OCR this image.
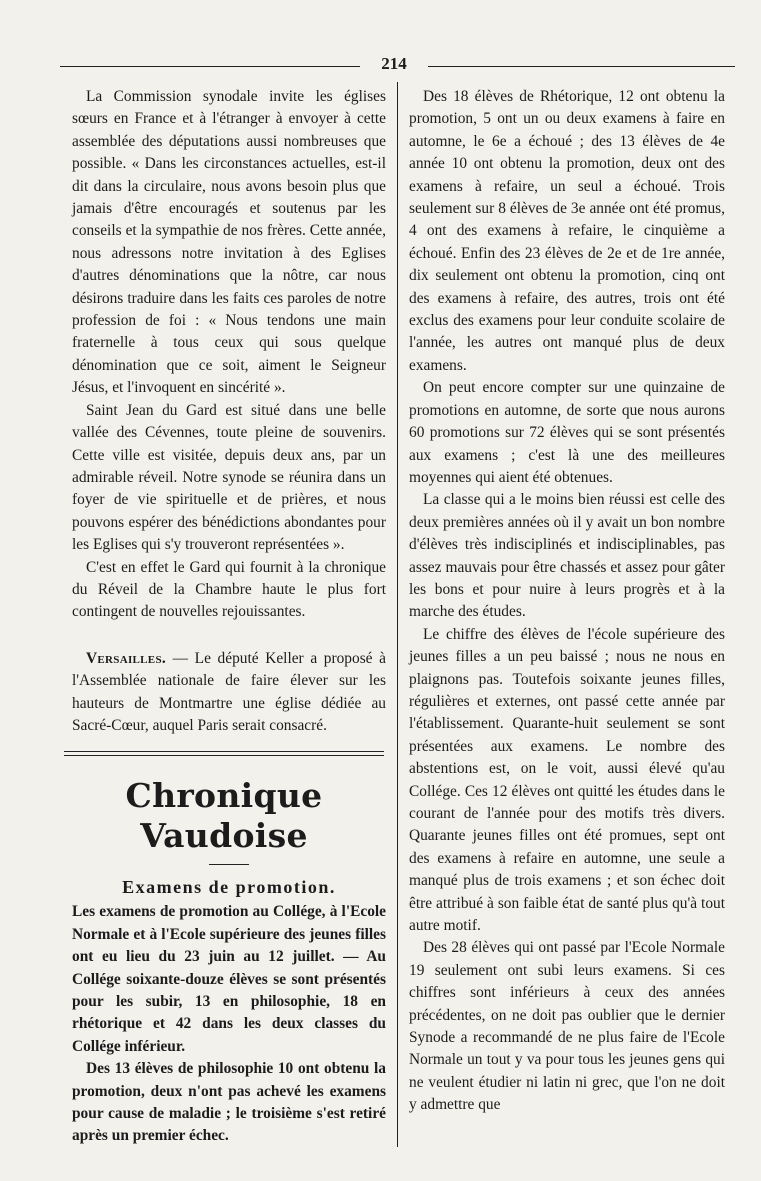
214

La Commission synodale invite les églises sœurs en France et à l'étranger à envoyer à cette assemblée des députations aussi nombreuses que possible. « Dans les circonstances actuelles, est-il dit dans la circulaire, nous avons besoin plus que jamais d'être encouragés et soutenus par les conseils et la sympathie de nos frères. Cette année, nous adressons notre invitation à des Eglises d'autres dénominations que la nôtre, car nous désirons traduire dans les faits ces paroles de notre profession de foi : « Nous tendons une main fraternelle à tous ceux qui sous quelque dénomination que ce soit, aiment le Seigneur Jésus, et l'invoquent en sincérité ».

Saint Jean du Gard est situé dans une belle vallée des Cévennes, toute pleine de souvenirs. Cette ville est visitée, depuis deux ans, par un admirable réveil. Notre synode se réunira dans un foyer de vie spirituelle et de prières, et nous pouvons espérer des bénédictions abondantes pour les Eglises qui s'y trouveront représentées ».

C'est en effet le Gard qui fournit à la chronique du Réveil de la Chambre haute le plus fort contingent de nouvelles rejouissantes.

Versailles. — Le député Keller a proposé à l'Assemblée nationale de faire élever sur les hauteurs de Montmartre une église dédiée au Sacré-Cœur, auquel Paris serait consacré.

Chronique Vaudoise
Examens de promotion.

Les examens de promotion au Collége, à l'Ecole Normale et à l'Ecole supérieure des jeunes filles ont eu lieu du 23 juin au 12 juillet. — Au Collége soixante-douze élèves se sont présentés pour les subir, 13 en philosophie, 18 en rhétorique et 42 dans les deux classes du Collége inférieur.

Des 13 élèves de philosophie 10 ont obtenu la promotion, deux n'ont pas achevé les examens pour cause de maladie ; le troisième s'est retiré après un premier échec.

Des 18 élèves de Rhétorique, 12 ont obtenu la promotion, 5 ont un ou deux examens à faire en automne, le 6e a échoué ; des 13 élèves de 4e année 10 ont obtenu la promotion, deux ont des examens à refaire, un seul a échoué. Trois seulement sur 8 élèves de 3e année ont été promus, 4 ont des examens à refaire, le cinquième a échoué. Enfin des 23 élèves de 2e et de 1re année, dix seulement ont obtenu la promotion, cinq ont des examens à refaire, des autres, trois ont été exclus des examens pour leur conduite scolaire de l'année, les autres ont manqué plus de deux examens.

On peut encore compter sur une quinzaine de promotions en automne, de sorte que nous aurons 60 promotions sur 72 élèves qui se sont présentés aux examens ; c'est là une des meilleures moyennes qui aient été obtenues.

La classe qui a le moins bien réussi est celle des deux premières années où il y avait un bon nombre d'élèves très indisciplinés et indisciplinables, pas assez mauvais pour être chassés et assez pour gâter les bons et pour nuire à leurs progrès et à la marche des études.

Le chiffre des élèves de l'école supérieure des jeunes filles a un peu baissé ; nous ne nous en plaignons pas. Toutefois soixante jeunes filles, régulières et externes, ont passé cette année par l'établissement. Quarante-huit seulement se sont présentées aux examens. Le nombre des abstentions est, on le voit, aussi élevé qu'au Collége. Ces 12 élèves ont quitté les études dans le courant de l'année pour des motifs très divers. Quarante jeunes filles ont été promues, sept ont des examens à refaire en automne, une seule a manqué plus de trois examens ; et son échec doit être attribué à son faible état de santé plus qu'à tout autre motif.

Des 28 élèves qui ont passé par l'Ecole Normale 19 seulement ont subi leurs examens. Si ces chiffres sont inférieurs à ceux des années précédentes, on ne doit pas oublier que le dernier Synode a recommandé de ne plus faire de l'Ecole Normale un tout y va pour tous les jeunes gens qui ne veulent étudier ni latin ni grec, que l'on ne doit y admettre que
